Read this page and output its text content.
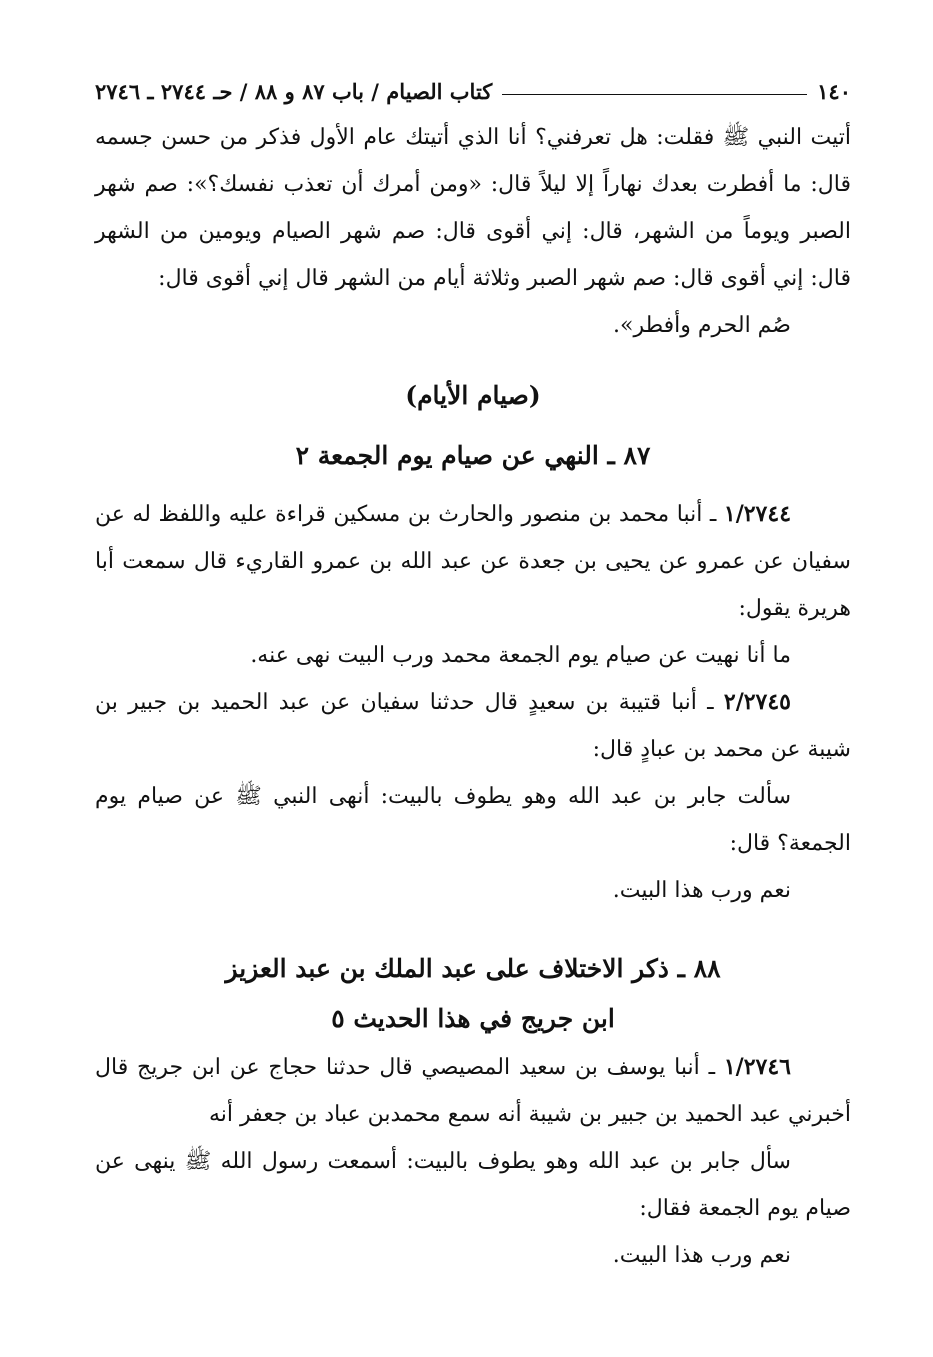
١٤٠
كتاب الصيام / باب ٨٧ و ٨٨ / حـ ٢٧٤٤ ـ ٢٧٤٦

أتيت النبي ﷺ فقلت: هل تعرفني؟ أنا الذي أتيتك عام الأول فذكر من حسن جسمه قال: ما أفطرت بعدك نهاراً إلا ليلاً قال: «ومن أمرك أن تعذب نفسك؟»: صم شهر الصبر ويوماً من الشهر، قال: إني أقوى قال: صم شهر الصيام ويومين من الشهر قال: إني أقوى قال: صم شهر الصبر وثلاثة أيام من الشهر قال إني أقوى قال:

صُم الحرم وأفطر».

(صيام الأيام)
٨٧ ـ النهي عن صيام يوم الجمعة ٢

١/٢٧٤٤ ـ أنبا محمد بن منصور والحارث بن مسكين قراءة عليه واللفظ له عن سفيان عن عمرو عن يحيى بن جعدة عن عبد الله بن عمرو القاريء قال سمعت أبا هريرة يقول:

ما أنا نهيت عن صيام يوم الجمعة محمد ورب البيت نهى عنه.

٢/٢٧٤٥ ـ أنبا قتيبة بن سعيدٍ قال حدثنا سفيان عن عبد الحميد بن جبير بن شيبة عن محمد بن عبادٍ قال:

سألت جابر بن عبد الله وهو يطوف بالبيت: أنهى النبي ﷺ عن صيام يوم الجمعة؟ قال:

نعم ورب هذا البيت.

٨٨ ـ ذكر الاختلاف على عبد الملك بن عبد العزيز
ابن جريج في هذا الحديث ٥

١/٢٧٤٦ ـ أنبا يوسف بن سعيد المصيصي قال حدثنا حجاج عن ابن جريج قال أخبرني عبد الحميد بن جبير بن شيبة أنه سمع محمدبن عباد بن جعفر أنه

سأل جابر بن عبد الله وهو يطوف بالبيت: أسمعت رسول الله ﷺ ينهى عن صيام يوم الجمعة فقال:

نعم ورب هذا البيت.
